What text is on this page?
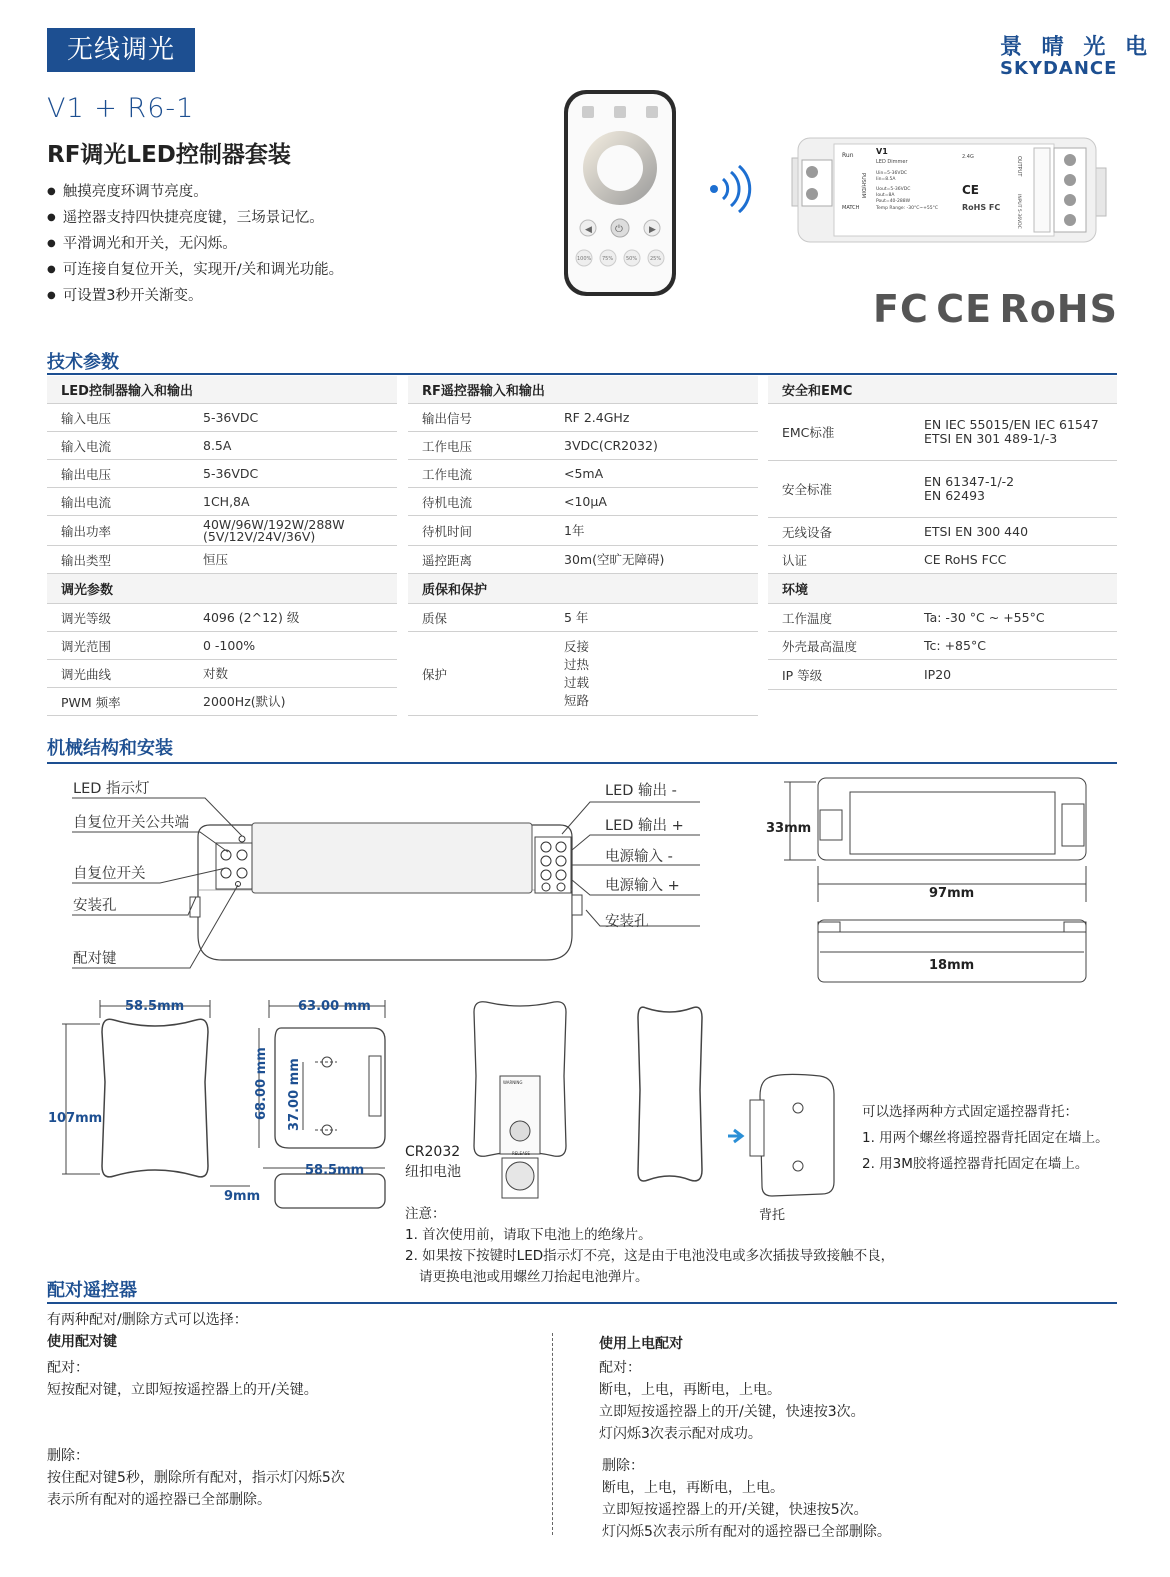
无线调光	景 晴 光 电
SKYDANCE
V1 + R6-1
RF调光LED控制器套装
● 触摸亮度环调节亮度。
● 遥控器支持四快捷亮度键，三场景记忆。
● 平滑调光和开关，无闪烁。
● 可连接自复位开关，实现开/关和调光功能。
● 可设置3秒开关渐变。
◀ ⏻	▶
100% 75%	50%	25%
Run
MATCH
PUSH/DIM
V1
LED Dimmer
Uin=5-36VDC
Iin=8.5A
Uout=5-36VDC
Iout=8A
Pout=40-288W
Temp Range: -30°C~+55°C
2.4G
CE
RoHS FC
OUTPUT
INPUT 5-36VDC
FC CE RoHS
技术参数
LED控制器输入和输出
输入电压	5-36VDC
输入电流	8.5A
输出电压	5-36VDC
输出电流	1CH,8A
输出功率	40W/96W/192W/288W
(5V/12V/24V/36V)
输出类型	恒压
调光参数
调光等级	4096 (2^12) 级
调光范围	0 -100%
调光曲线	对数
PWM 频率	2000Hz(默认)
RF遥控器输入和输出
输出信号	RF 2.4GHz
工作电压	3VDC(CR2032)
工作电流	<5mA
待机电流	<10μA
待机时间	1年
遥控距离	30m(空旷无障碍)
质保和保护
质保	5 年
保护
反接
过热
过载
短路
安全和EMC
EMC标准
EN IEC 55015/EN IEC 61547
ETSI EN 301 489-1/-3
安全标准
EN 61347-1/-2
EN 62493
无线设备	ETSI EN 300 440
认证	CE RoHS FCC
环境
工作温度	Ta: -30 °C ~ +55°C
外壳最高温度	Tc: +85°C
IP 等级	IP20
机械结构和安装
LED 指示灯
自复位开关公共端
自复位开关
安装孔
配对键
LED 输出 -
LED 输出 +
电源输入 -
电源输入 +
安装孔
33mm
97mm
18mm
58.5mm
107mm
9mm
63.00 mm
68.00 mm 37.00 mm
58.5mm
WARNING
RELEASE
CR2032
纽扣电池
背托
可以选择两种方式固定遥控器背托：
1. 用两个螺丝将遥控器背托固定在墙上。
2. 用3M胶将遥控器背托固定在墙上。
注意：
1. 首次使用前，请取下电池上的绝缘片。
2. 如果按下按键时LED指示灯不亮，这是由于电池没电或多次插拔导致接触不良，
请更换电池或用螺丝刀抬起电池弹片。
配对遥控器
有两种配对/删除方式可以选择：
使用配对键
配对：
短按配对键，立即短按遥控器上的开/关键。
删除：
按住配对键5秒，删除所有配对，指示灯闪烁5次
表示所有配对的遥控器已全部删除。
使用上电配对
配对：
断电，上电，再断电，上电。
立即短按遥控器上的开/关键，快速按3次。
灯闪烁3次表示配对成功。
删除：
断电，上电，再断电，上电。
立即短按遥控器上的开/关键，快速按5次。
灯闪烁5次表示所有配对的遥控器已全部删除。
